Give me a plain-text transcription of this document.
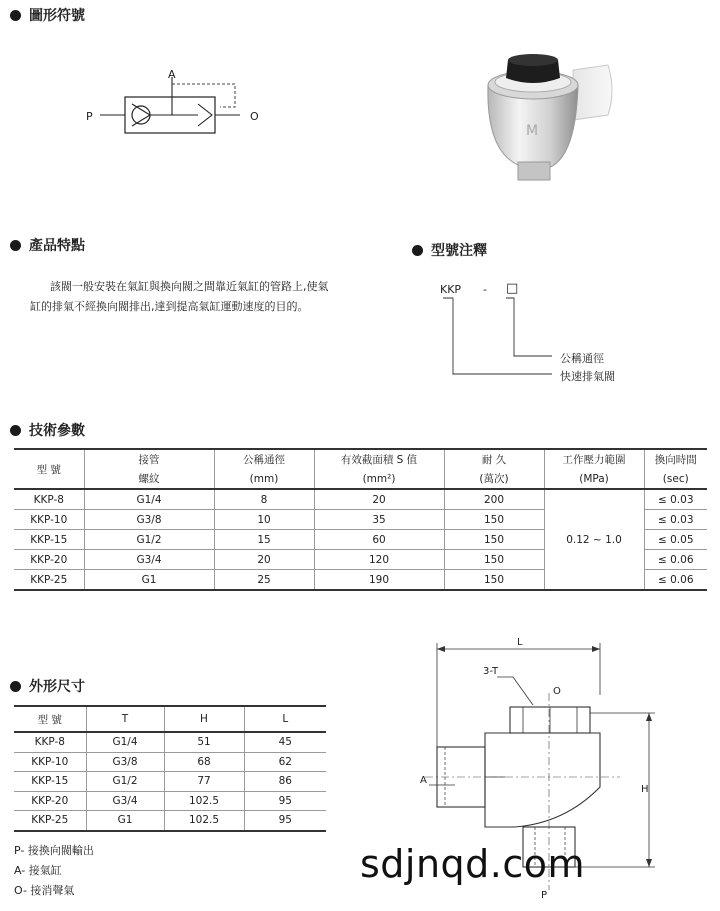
圖形符號
A
P	O
M
產品特點
該閥一般安裝在氣缸與換向閥之間靠近氣缸的管路上,使氣
缸的排氣不經換向閥排出,達到提高氣缸運動速度的目的。
型號注釋
KKP - □
公稱通徑
快速排氣閥
技術參數
型 號	接管	公稱通徑	有效截面積 S 值	耐 久	工作壓力範圍	換向時間
	螺紋	(mm)	(mm²)	(萬次)	(MPa)	(sec)
KKP-8	G1/4	8	20	200	0.12 ~ 1.0	≤ 0.03
KKP-10	G3/8	10	35	150		≤ 0.03
KKP-15	G1/2	15	60	150		≤ 0.05
KKP-20	G3/4	20	120	150		≤ 0.06
KKP-25	G1	25	190	150		≤ 0.06
外形尺寸
型 號	T	H	L
KKP-8	G1/4	51	45
KKP-10	G3/8	68	62
KKP-15	G1/2	77	86
KKP-20	G3/4	102.5	95
KKP-25	G1	102.5	95
P- 接換向閥輸出
A- 接氣缸
O- 接消聲氣
L
3-T
O
A
H
P
sdjnqd.com
